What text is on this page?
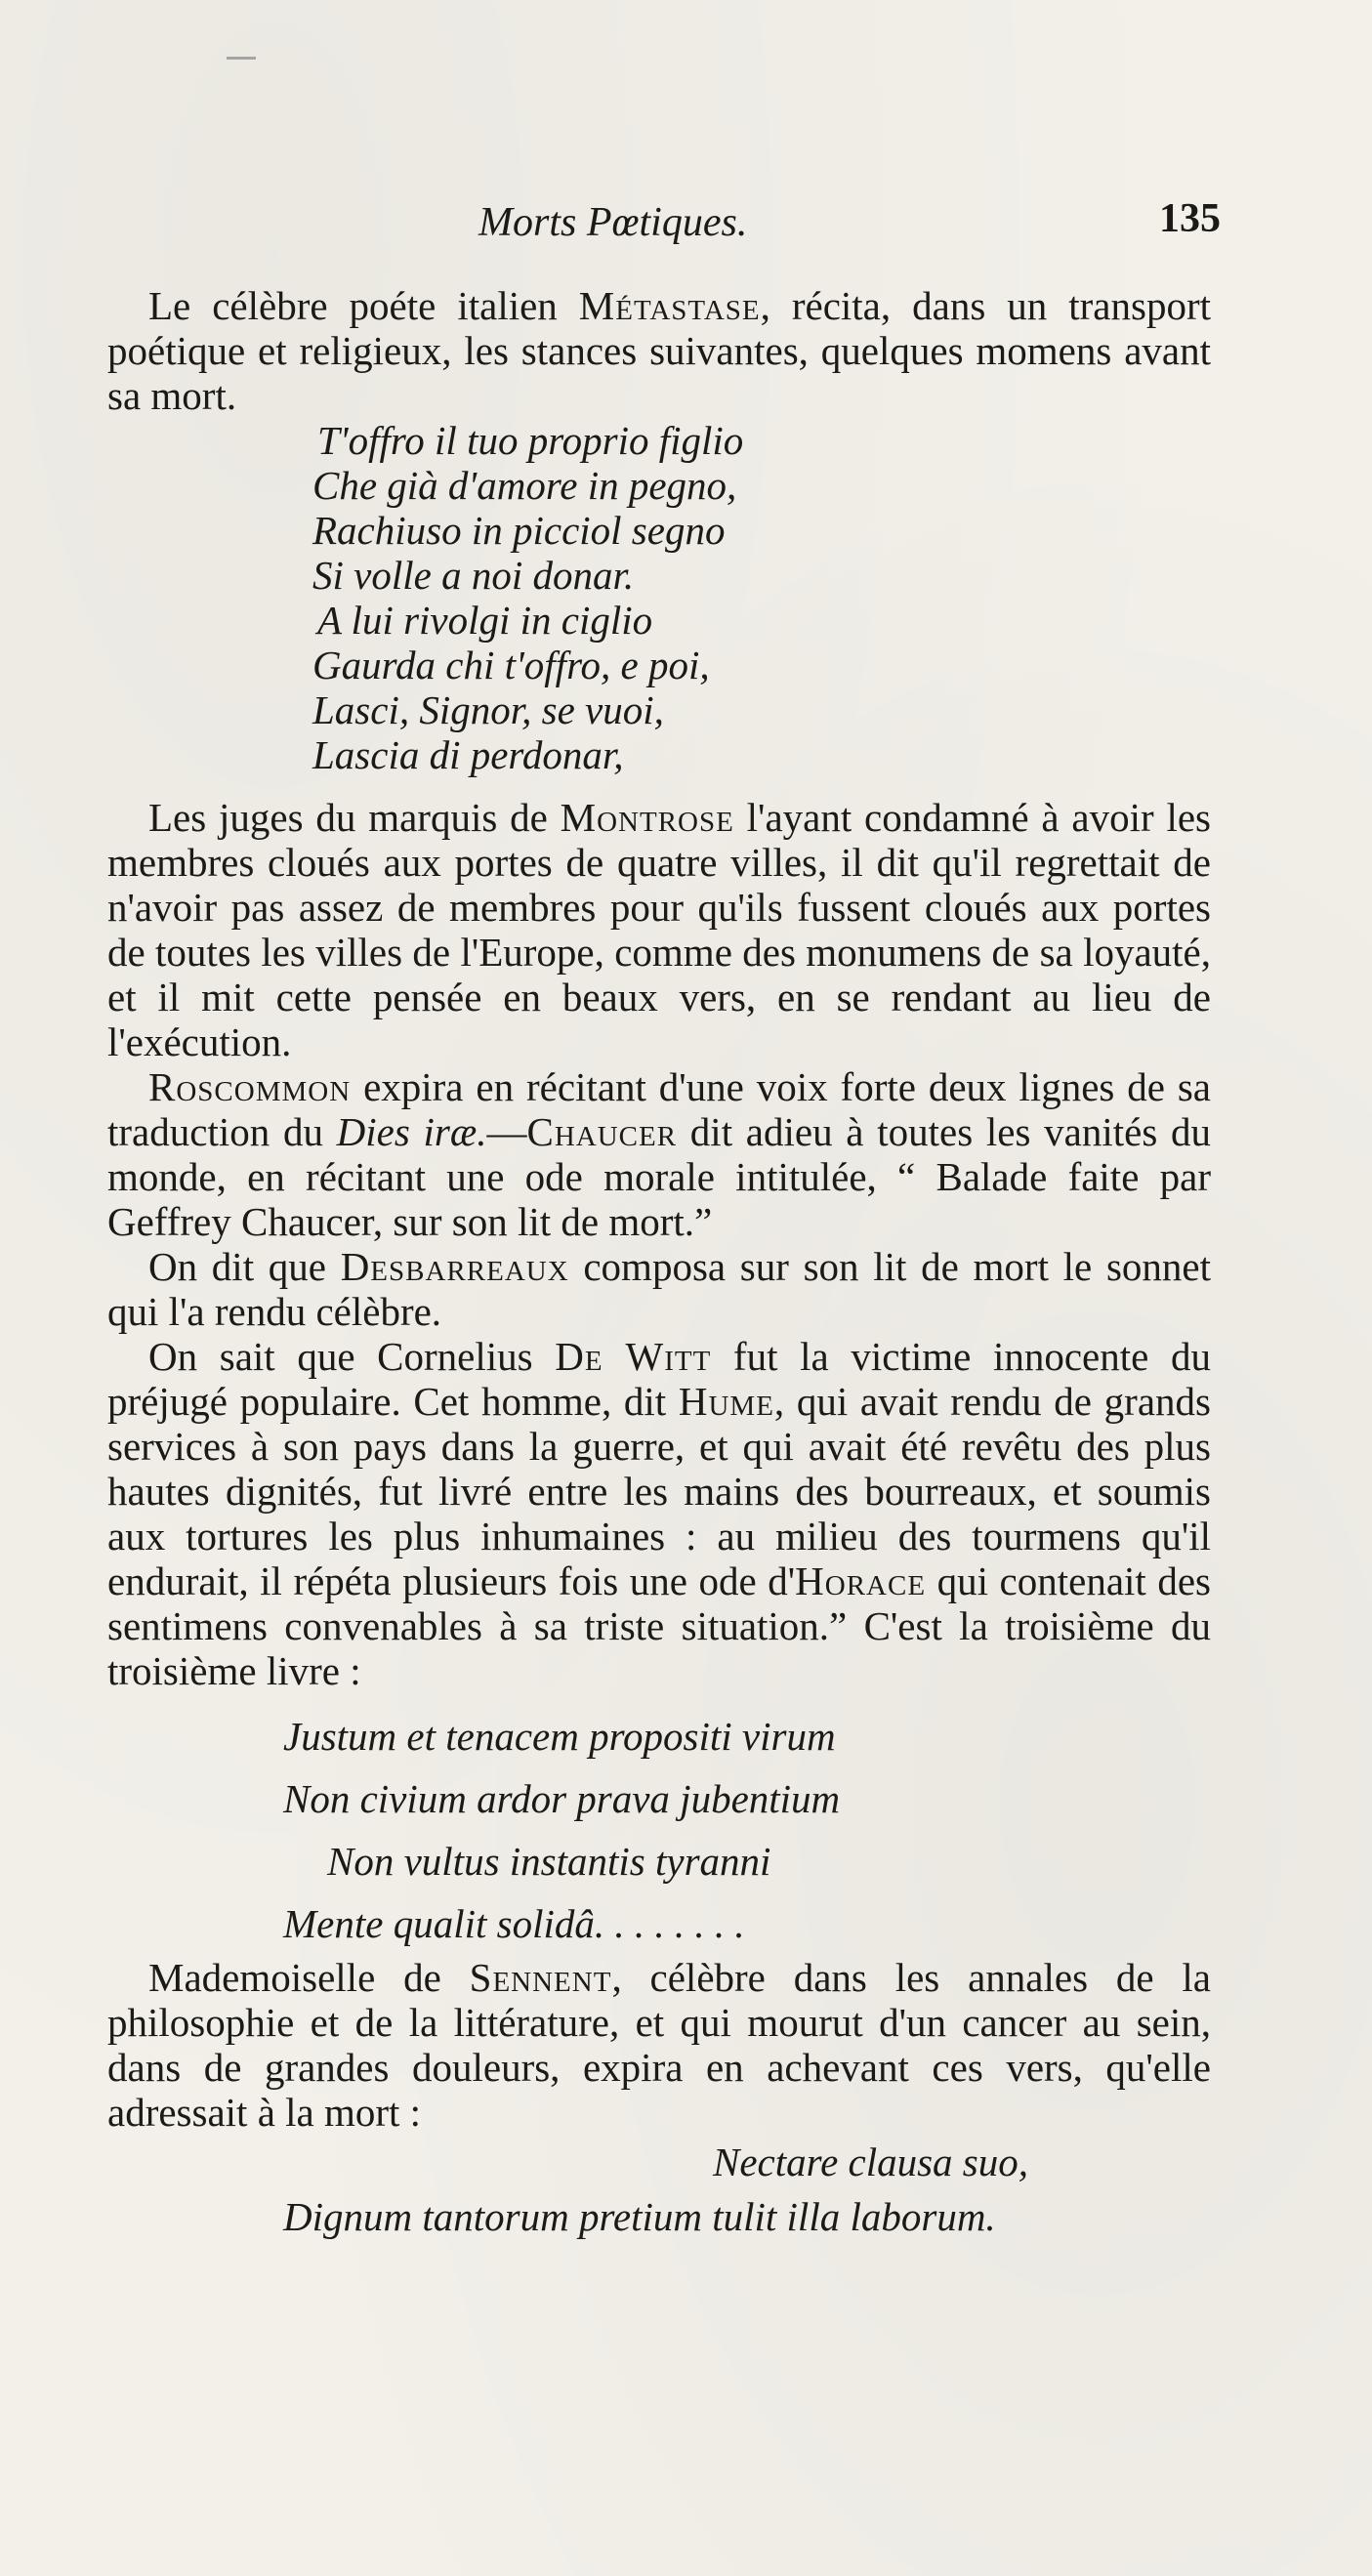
Morts Pœtiques.	135

Le célèbre poéte italien Métastase, récita, dans un transport poétique et religieux, les stances suivantes, quelques momens avant sa mort.

T'offro il tuo proprio figlio
Che già d'amore in pegno,
Rachiuso in picciol segno
Si volle a noi donar.
A lui rivolgi in ciglio
Gaurda chi t'offro, e poi,
Lasci, Signor, se vuoi,
Lascia di perdonar,

Les juges du marquis de Montrose l'ayant condamné à avoir les membres cloués aux portes de quatre villes, il dit qu'il regrettait de n'avoir pas assez de membres pour qu'ils fussent cloués aux portes de toutes les villes de l'Europe, comme des monumens de sa loyauté, et il mit cette pensée en beaux vers, en se rendant au lieu de l'exécution.

Roscommon expira en récitant d'une voix forte deux lignes de sa traduction du Dies iræ.—Chaucer dit adieu à toutes les vanités du monde, en récitant une ode morale intitulée, “ Balade faite par Geffrey Chaucer, sur son lit de mort.”

On dit que Desbarreaux composa sur son lit de mort le sonnet qui l'a rendu célèbre.

On sait que Cornelius De Witt fut la victime innocente du préjugé populaire. Cet homme, dit Hume, qui avait rendu de grands services à son pays dans la guerre, et qui avait été revêtu des plus hautes dignités, fut livré entre les mains des bourreaux, et soumis aux tortures les plus inhumaines : au milieu des tourmens qu'il endurait, il répéta plusieurs fois une ode d'Horace qui contenait des sentimens convenables à sa triste situation.” C'est la troisième du troisième livre :

Justum et tenacem propositi virum
Non civium ardor prava jubentium
Non vultus instantis tyranni
Mente qualit solidâ. . . . . . . .

Mademoiselle de Sennent, célèbre dans les annales de la philosophie et de la littérature, et qui mourut d'un cancer au sein, dans de grandes douleurs, expira en achevant ces vers, qu'elle adressait à la mort :

Nectare clausa suo,
Dignum tantorum pretium tulit illa laborum.
